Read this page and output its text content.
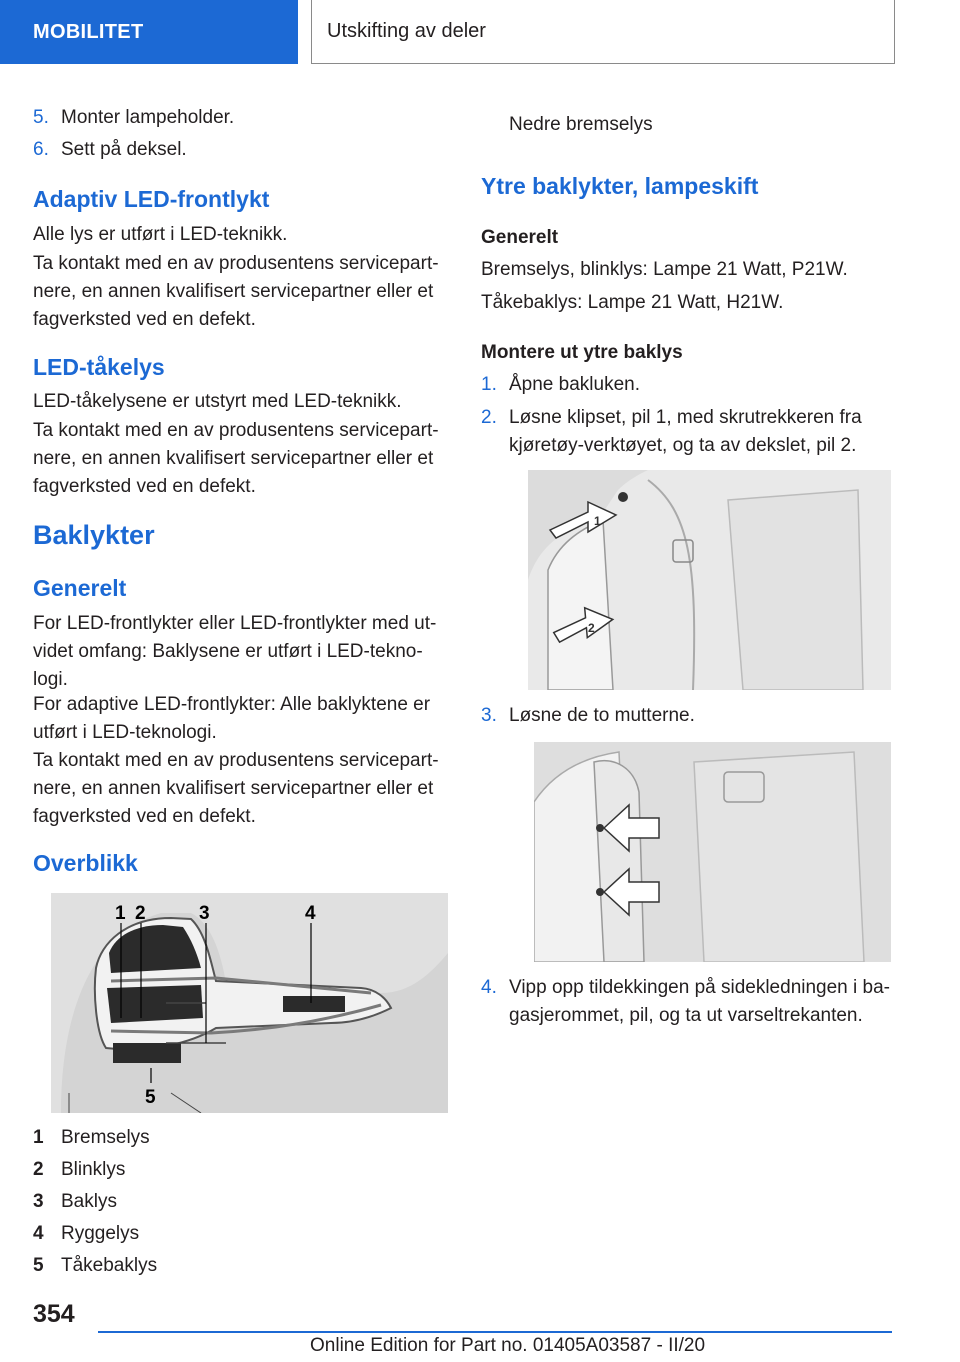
MOBILITET	Utskifting av deler
5. Monter lampeholder.
6. Sett på deksel.
Adaptiv LED-frontlykt

Alle lys er utført i LED-teknikk.

Ta kontakt med en av produsentens servicepartnere, en annen kvalifisert servicepartner eller et fagverksted ved en defekt.

LED-tåkelys

LED-tåkelysene er utstyrt med LED-teknikk.

Ta kontakt med en av produsentens servicepartnere, en annen kvalifisert servicepartner eller et fagverksted ved en defekt.

Baklykter
Generelt

For LED-frontlykter eller LED-frontlykter med utvidet omfang: Baklysene er utført i LED-teknologi.

For adaptive LED-frontlykter: Alle baklyktene er utført i LED-teknologi.

Ta kontakt med en av produsentens servicepartnere, en annen kvalifisert servicepartner eller et fagverksted ved en defekt.

Overblikk
1 2	3	4
5
1 Bremselys
2 Blinklys
3 Baklys
4 Ryggelys
5 Tåkebaklys

Nedre bremselys

Ytre baklykter, lampeskift
Generelt

Bremselys, blinklys: Lampe 21 Watt, P21W.

Tåkebaklys: Lampe 21 Watt, H21W.

Montere ut ytre baklys
1. Åpne bakluken.
2. Løsne klipset, pil 1, med skrutrekkeren fra kjøretøy-verktøyet, og ta av dekslet, pil 2.
1
2
3. Løsne de to mutterne.
4. Vipp opp tildekkingen på sidekledningen i bagasjerommet, pil, og ta ut varseltrekanten.
354
Online Edition for Part no. 01405A03587 - II/20
